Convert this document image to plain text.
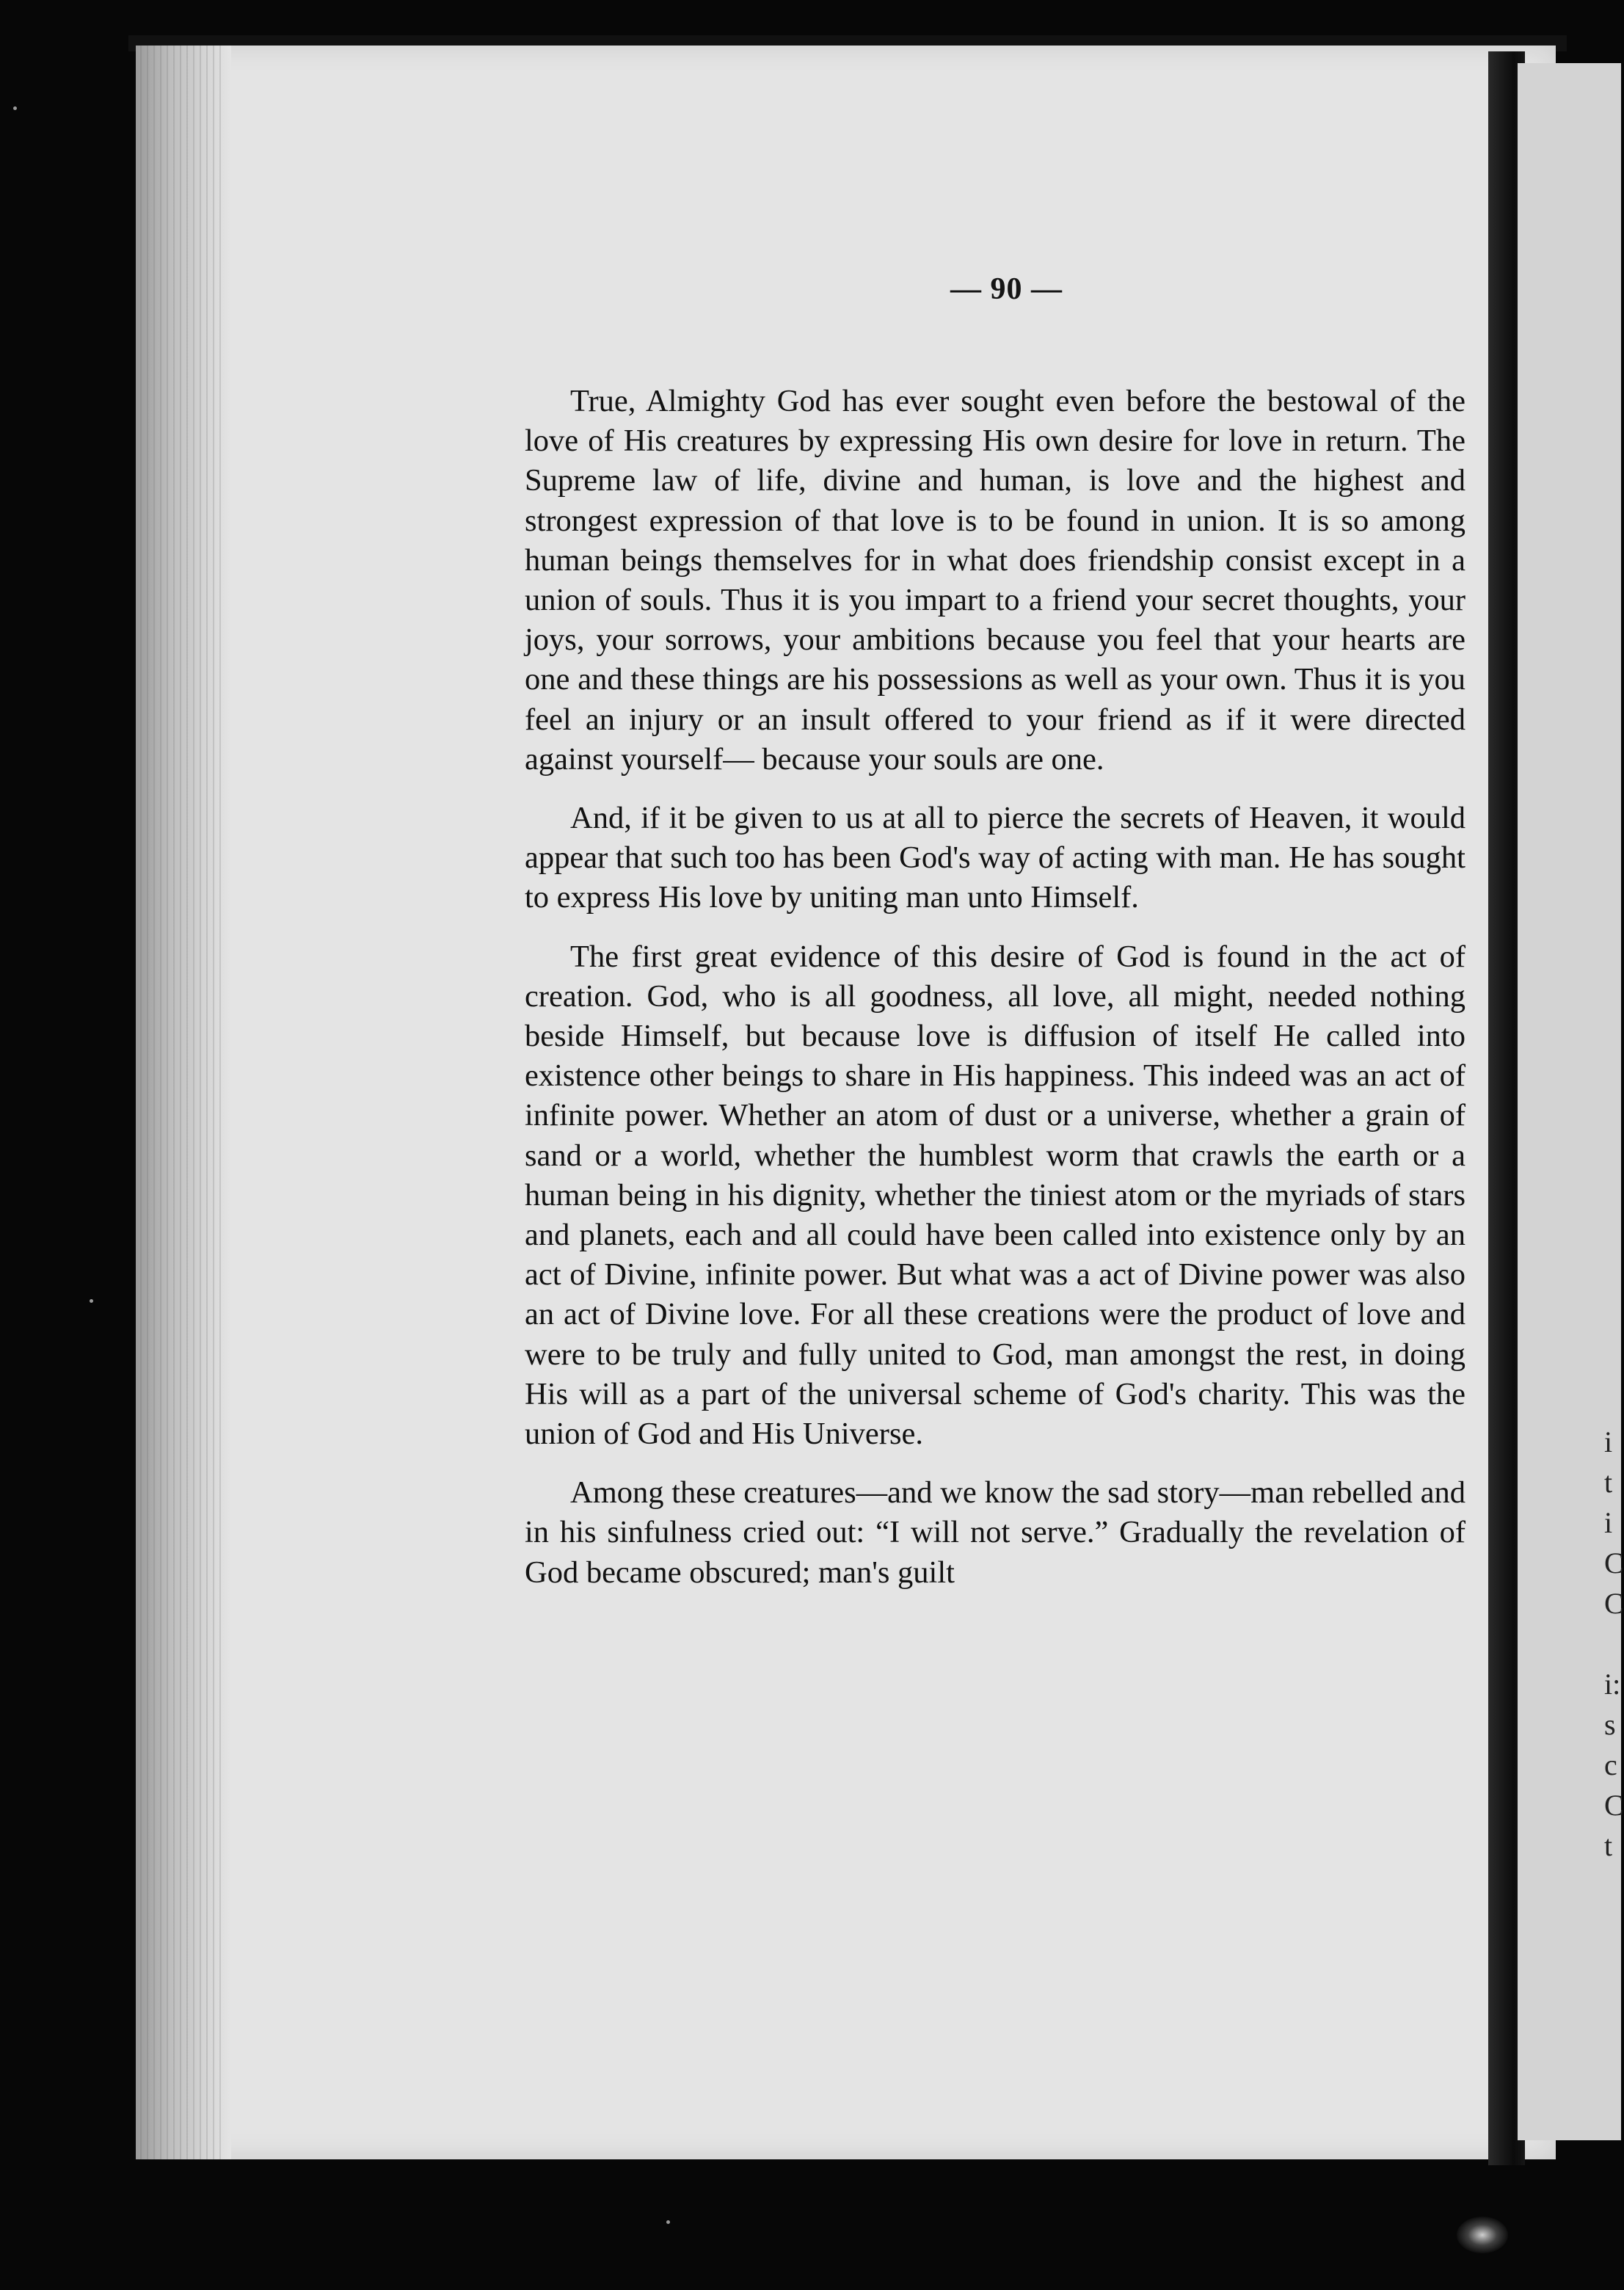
i
t
i
C
C
i:
s
c
C
t
— 90 —

True, Almighty God has ever sought even before the bestowal of the love of His creatures by expressing His own desire for love in return. The Supreme law of life, divine and human, is love and the highest and strongest expression of that love is to be found in union. It is so among human beings themselves for in what does friendship consist except in a union of souls. Thus it is you impart to a friend your secret thoughts, your joys, your sorrows, your ambitions because you feel that your hearts are one and these things are his possessions as well as your own. Thus it is you feel an injury or an insult offered to your friend as if it were directed against yourself— because your souls are one.

And, if it be given to us at all to pierce the secrets of Heaven, it would appear that such too has been God's way of acting with man. He has sought to express His love by uniting man unto Himself.

The first great evidence of this desire of God is found in the act of creation. God, who is all goodness, all love, all might, needed nothing beside Himself, but because love is diffusion of itself He called into existence other beings to share in His happiness. This indeed was an act of infinite power. Whether an atom of dust or a universe, whether a grain of sand or a world, whether the humblest worm that crawls the earth or a human being in his dignity, whether the tiniest atom or the myriads of stars and planets, each and all could have been called into existence only by an act of Divine, infinite power. But what was a act of Divine power was also an act of Divine love. For all these creations were the product of love and were to be truly and fully united to God, man amongst the rest, in doing His will as a part of the universal scheme of God's charity. This was the union of God and His Universe.

Among these creatures—and we know the sad story—man rebelled and in his sinfulness cried out: “I will not serve.” Gradually the revelation of God became obscured; man's guilt
